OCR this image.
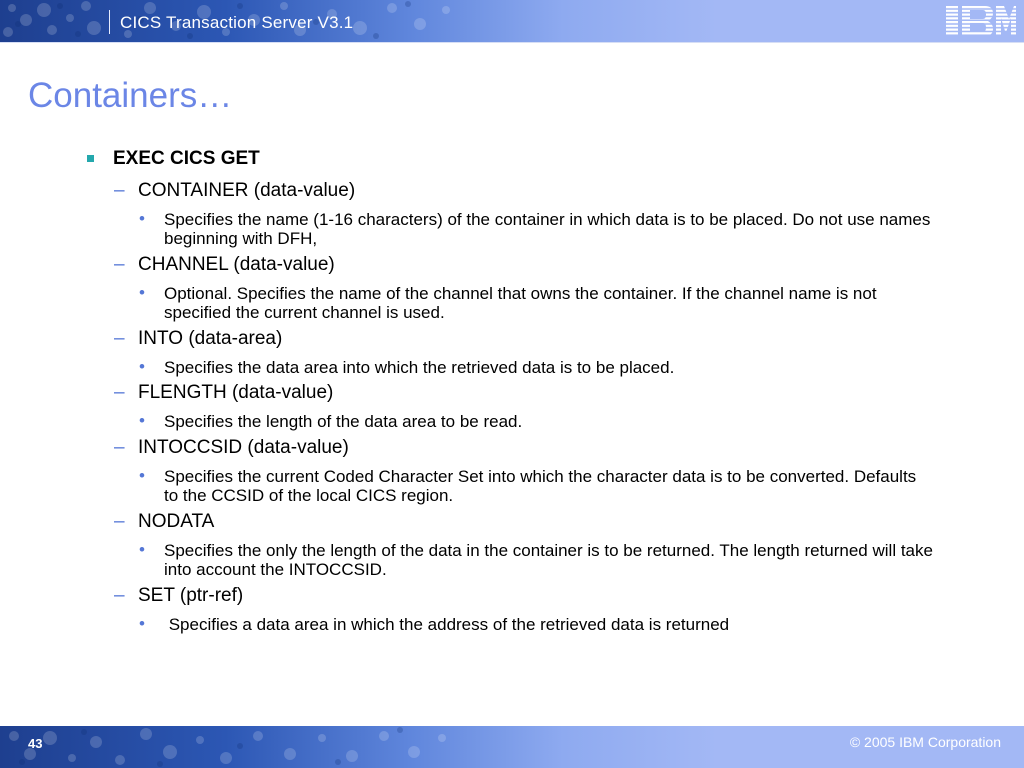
CICS Transaction Server V3.1
Containers…
EXEC CICS GET
– CONTAINER (data-value)
• Specifies the name (1-16 characters) of the container in which data is to be placed. Do not use names beginning with DFH,
– CHANNEL (data-value)
• Optional. Specifies the name of the channel that owns the container. If the channel name is not specified the current channel is used.
– INTO (data-area)
• Specifies the data area into which the retrieved data is to be placed.
– FLENGTH (data-value)
• Specifies the length of the data area to be read.
– INTOCCSID (data-value)
• Specifies the current Coded Character Set into which the character data is to be converted. Defaults to the CCSID of the local CICS region.
– NODATA
• Specifies the only the length of the data in the container is to be returned. The length returned will take into account the INTOCCSID.
– SET (ptr-ref)
• Specifies a data area in which the address of the retrieved data is returned
43	© 2005 IBM Corporation
